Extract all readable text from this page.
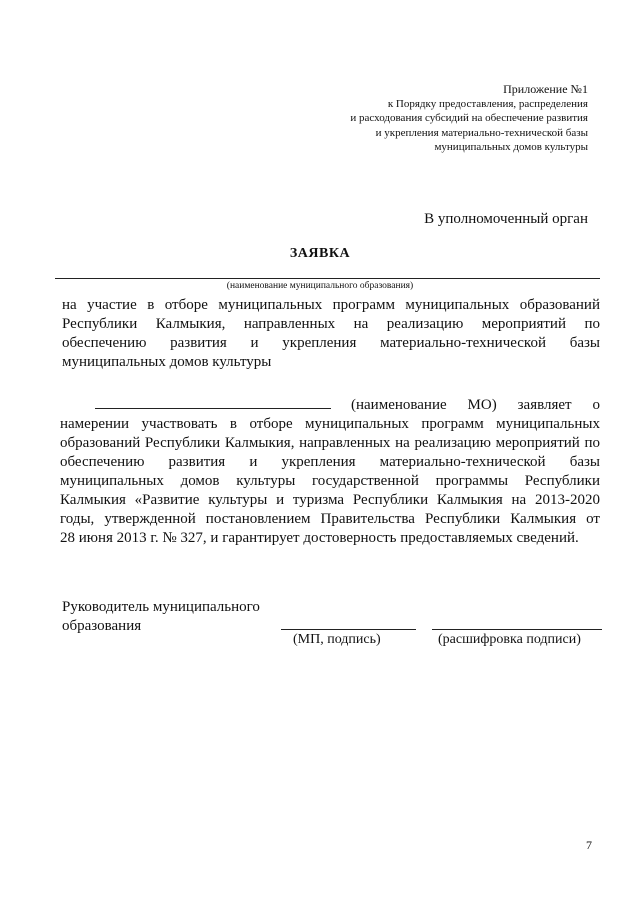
Приложение №1
к Порядку предоставления, распределения
и расходования субсидий на обеспечение развития
и укрепления материально-технической базы
муниципальных домов культуры
В уполномоченный орган
ЗАЯВКА
(наименование муниципального образования)
на участие в отборе муниципальных программ муниципальных образований
Республики Калмыкия, направленных на реализацию мероприятий по
обеспечению развития и укрепления материально-технической базы
муниципальных домов культуры
(наименование МО) заявляет о
намерении участвовать в отборе муниципальных программ муниципальных
образований Республики Калмыкия, направленных на реализацию мероприятий по
обеспечению развития и укрепления материально-технической базы
муниципальных домов культуры государственной программы Республики
Калмыкия «Развитие культуры и туризма Республики Калмыкия на 2013-2020
годы, утвержденной постановлением Правительства Республики Калмыкия от
28 июня 2013 г. № 327, и гарантирует достоверность предоставляемых сведений.
Руководитель муниципального
образования
(МП, подпись)	(расшифровка подписи)
7
